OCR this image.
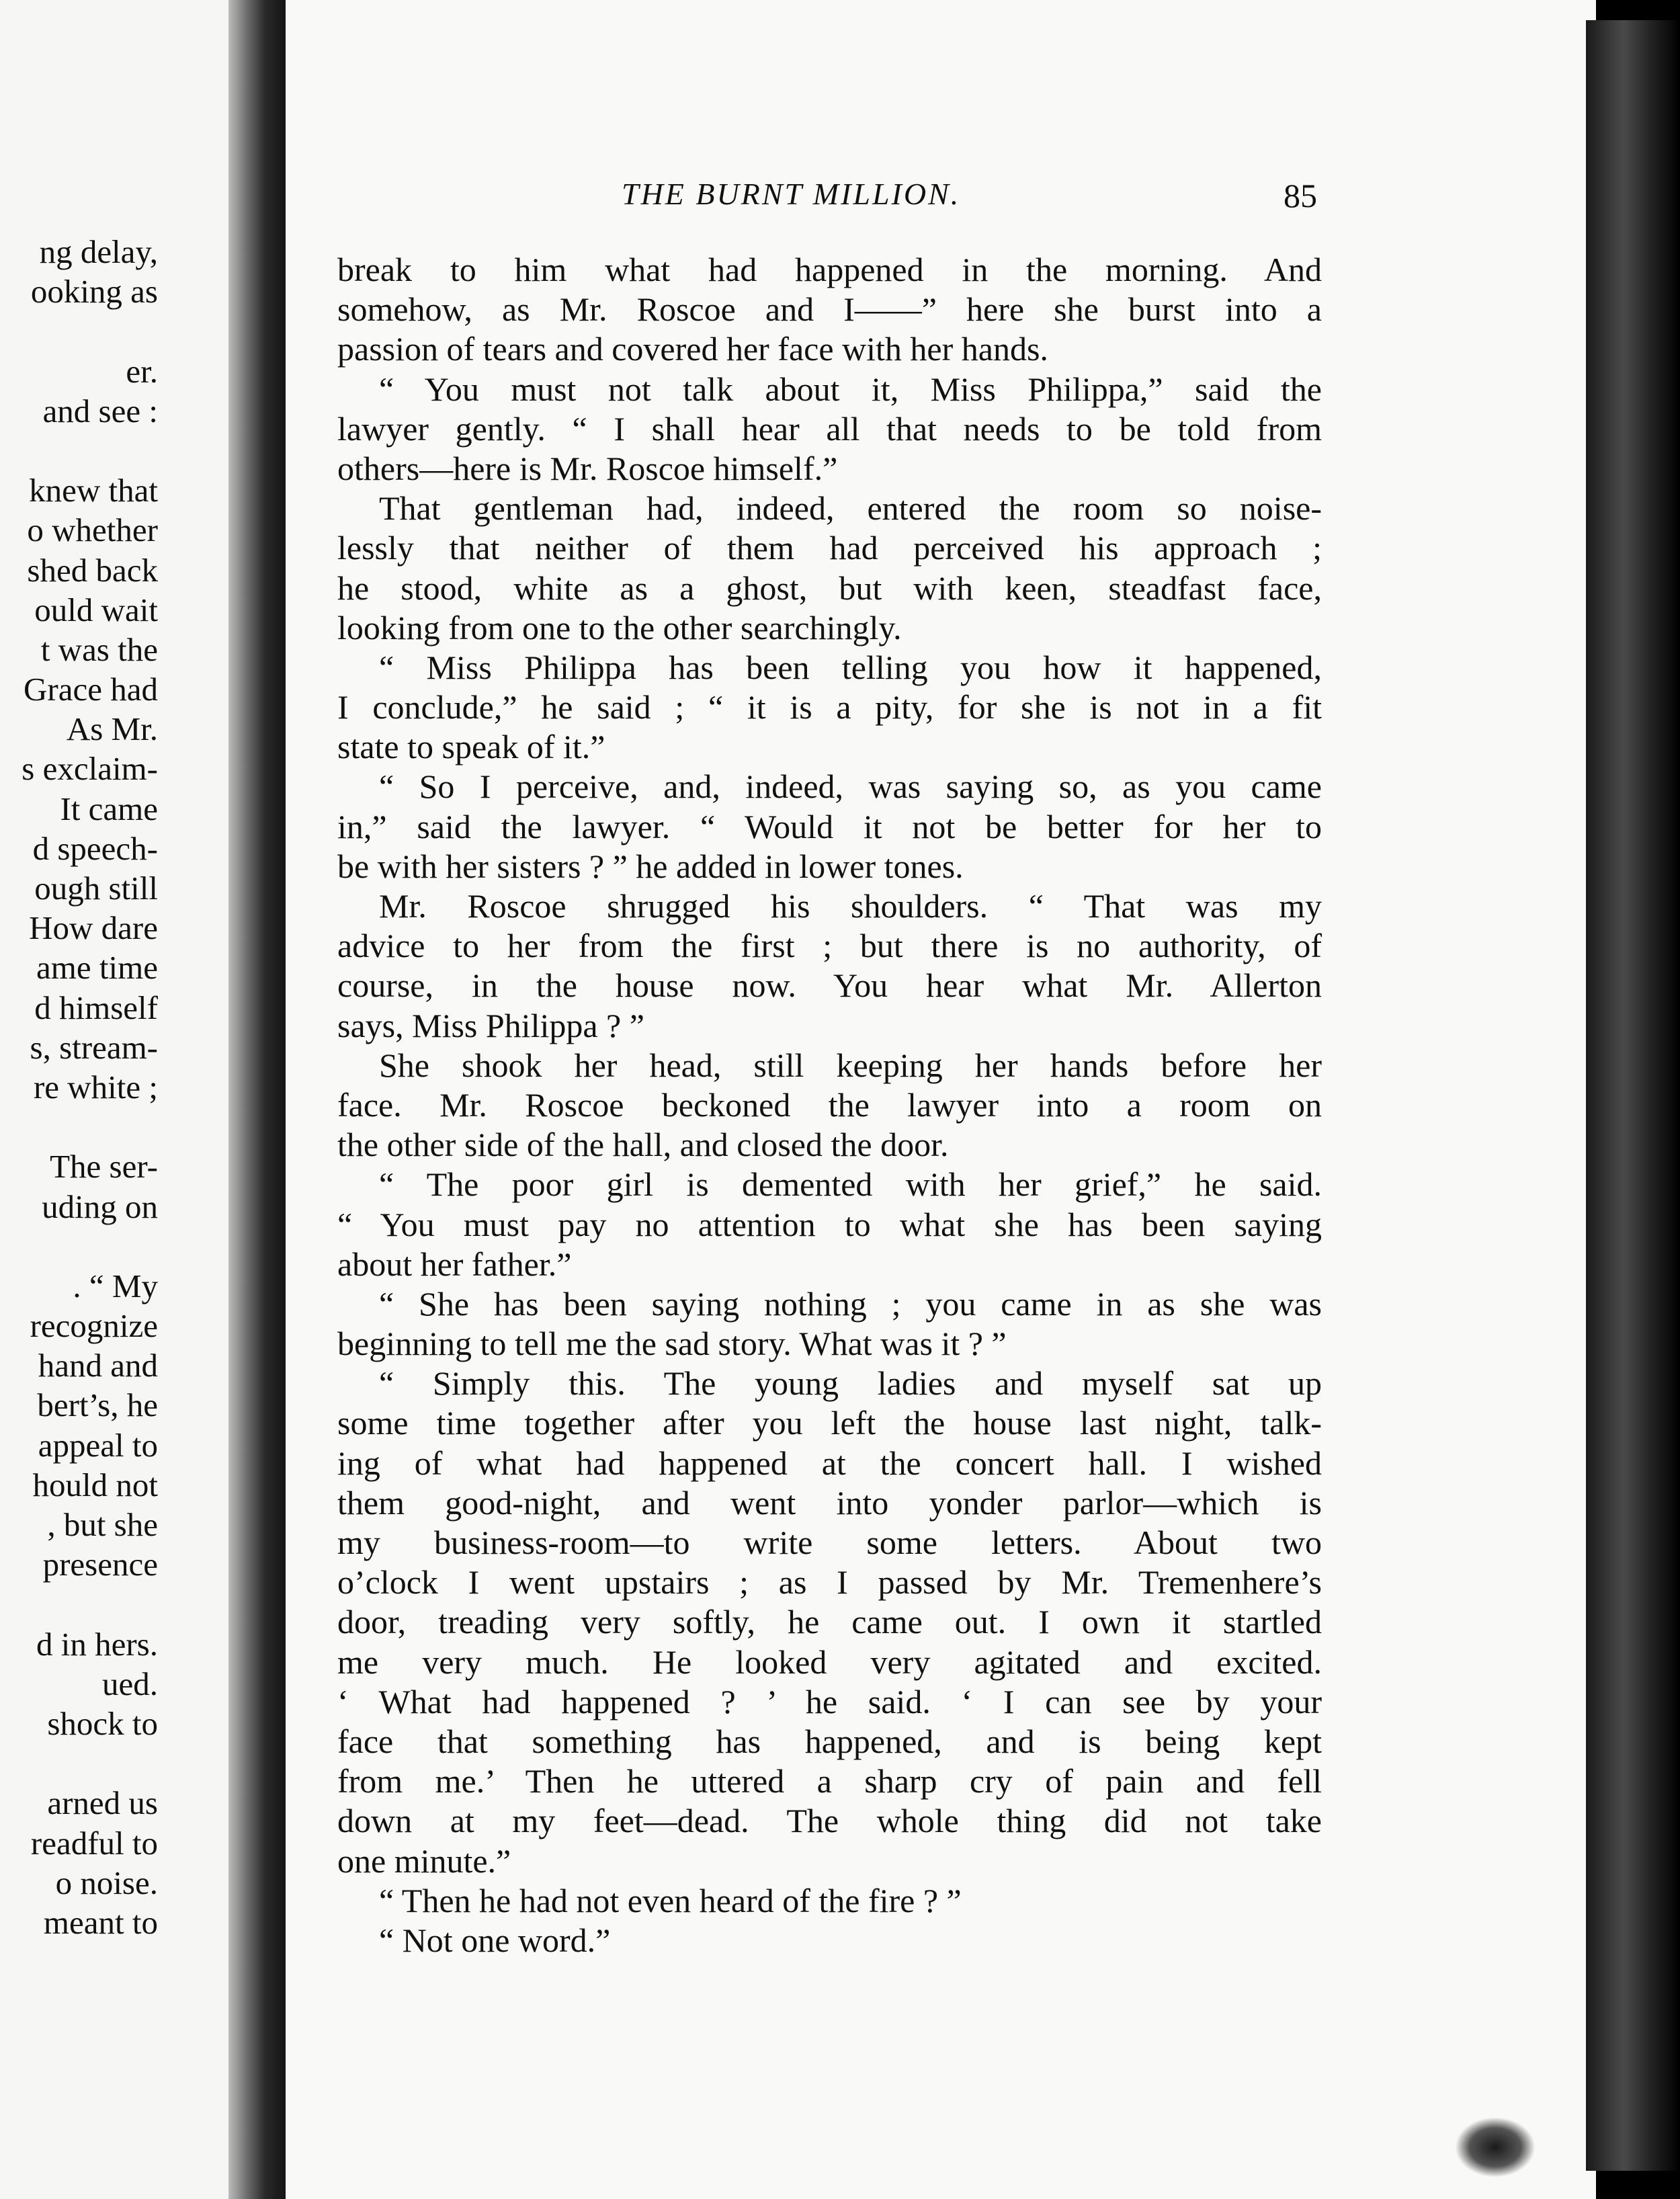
ng delay,
ooking as
er.
and see :
knew that
o whether
shed back
ould wait
t was the
Grace had
As Mr.
s exclaim-
It came
d speech-
ough still
How dare
ame time
d himself
s, stream-
re white ;
The ser-
uding on
. “ My
recognize
hand and
bert’s, he
appeal to
hould not
, but she
presence
d in hers.
ued.
shock to
arned us
readful to
o noise.
meant to
THE BURNT MILLION.	85
break to him what had happened in the morning. And
somehow, as Mr. Roscoe and I——” here she burst into a
passion of tears and covered her face with her hands.
“ You must not talk about it, Miss Philippa,” said the
lawyer gently. “ I shall hear all that needs to be told from
others—here is Mr. Roscoe himself.”
That gentleman had, indeed, entered the room so noise-
lessly that neither of them had perceived his approach ;
he stood, white as a ghost, but with keen, steadfast face,
looking from one to the other searchingly.
“ Miss Philippa has been telling you how it happened,
I conclude,” he said ; “ it is a pity, for she is not in a fit
state to speak of it.”
“ So I perceive, and, indeed, was saying so, as you came
in,” said the lawyer. “ Would it not be better for her to
be with her sisters ? ” he added in lower tones.
Mr. Roscoe shrugged his shoulders. “ That was my
advice to her from the first ; but there is no authority, of
course, in the house now. You hear what Mr. Allerton
says, Miss Philippa ? ”
She shook her head, still keeping her hands before her
face. Mr. Roscoe beckoned the lawyer into a room on
the other side of the hall, and closed the door.
“ The poor girl is demented with her grief,” he said.
“ You must pay no attention to what she has been saying
about her father.”
“ She has been saying nothing ; you came in as she was
beginning to tell me the sad story. What was it ? ”
“ Simply this. The young ladies and myself sat up
some time together after you left the house last night, talk-
ing of what had happened at the concert hall. I wished
them good-night, and went into yonder parlor—which is
my business-room—to write some letters. About two
o’clock I went upstairs ; as I passed by Mr. Tremenhere’s
door, treading very softly, he came out. I own it startled
me very much. He looked very agitated and excited.
‘ What had happened ? ’ he said. ‘ I can see by your
face that something has happened, and is being kept
from me.’ Then he uttered a sharp cry of pain and fell
down at my feet—dead. The whole thing did not take
one minute.”
“ Then he had not even heard of the fire ? ”
“ Not one word.”
